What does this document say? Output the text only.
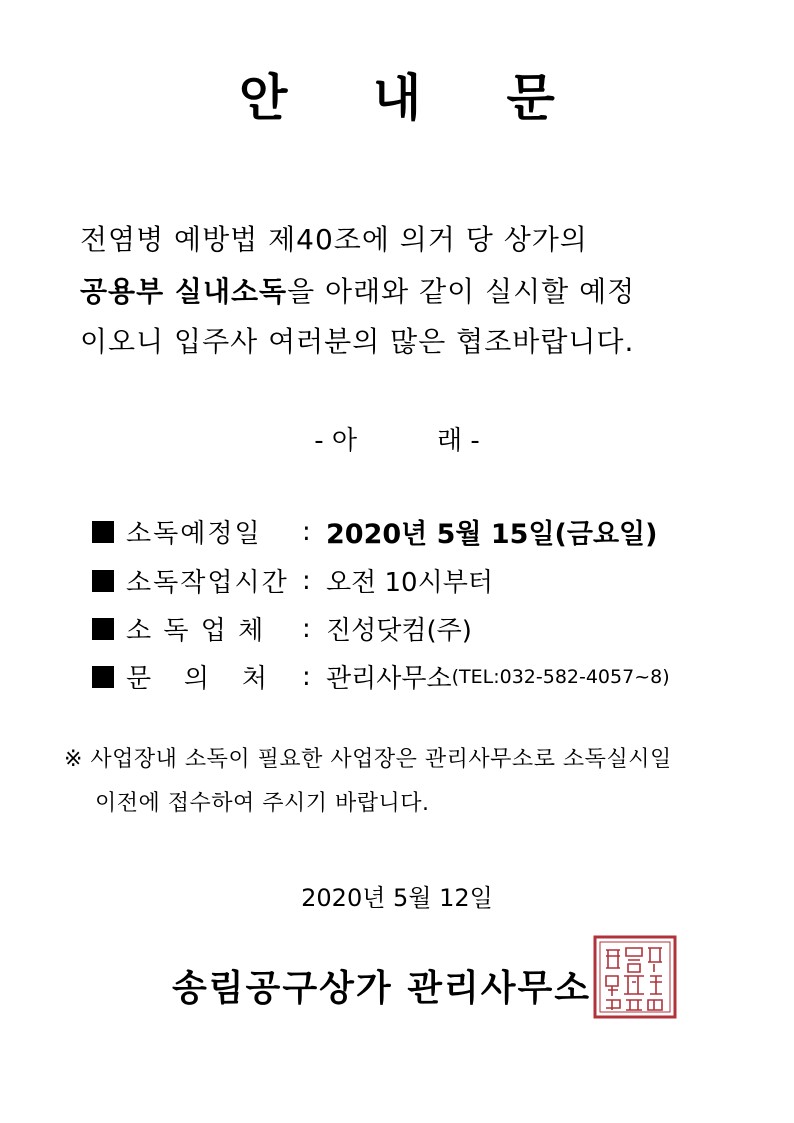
안 내 문
전염병 예방법 제40조에 의거 당 상가의
공용부 실내소독을 아래와 같이 실시할 예정
이오니 입주사 여러분의 많은 협조바랍니다.
- 아	래 -
소독예정일	: 2020년 5월 15일(금요일)
소독작업시간 : 오전 10시부터
소 독 업 체	: 진성닷컴(주)
문   의   처	: 관리사무소 (TEL:032-582-4057~8)
※ 사업장내 소독이 필요한 사업장은 관리사무소로 소독실시일
이전에 접수하여 주시기 바랍니다.
2020년 5월 12일
송림공구상가 관리사무소
